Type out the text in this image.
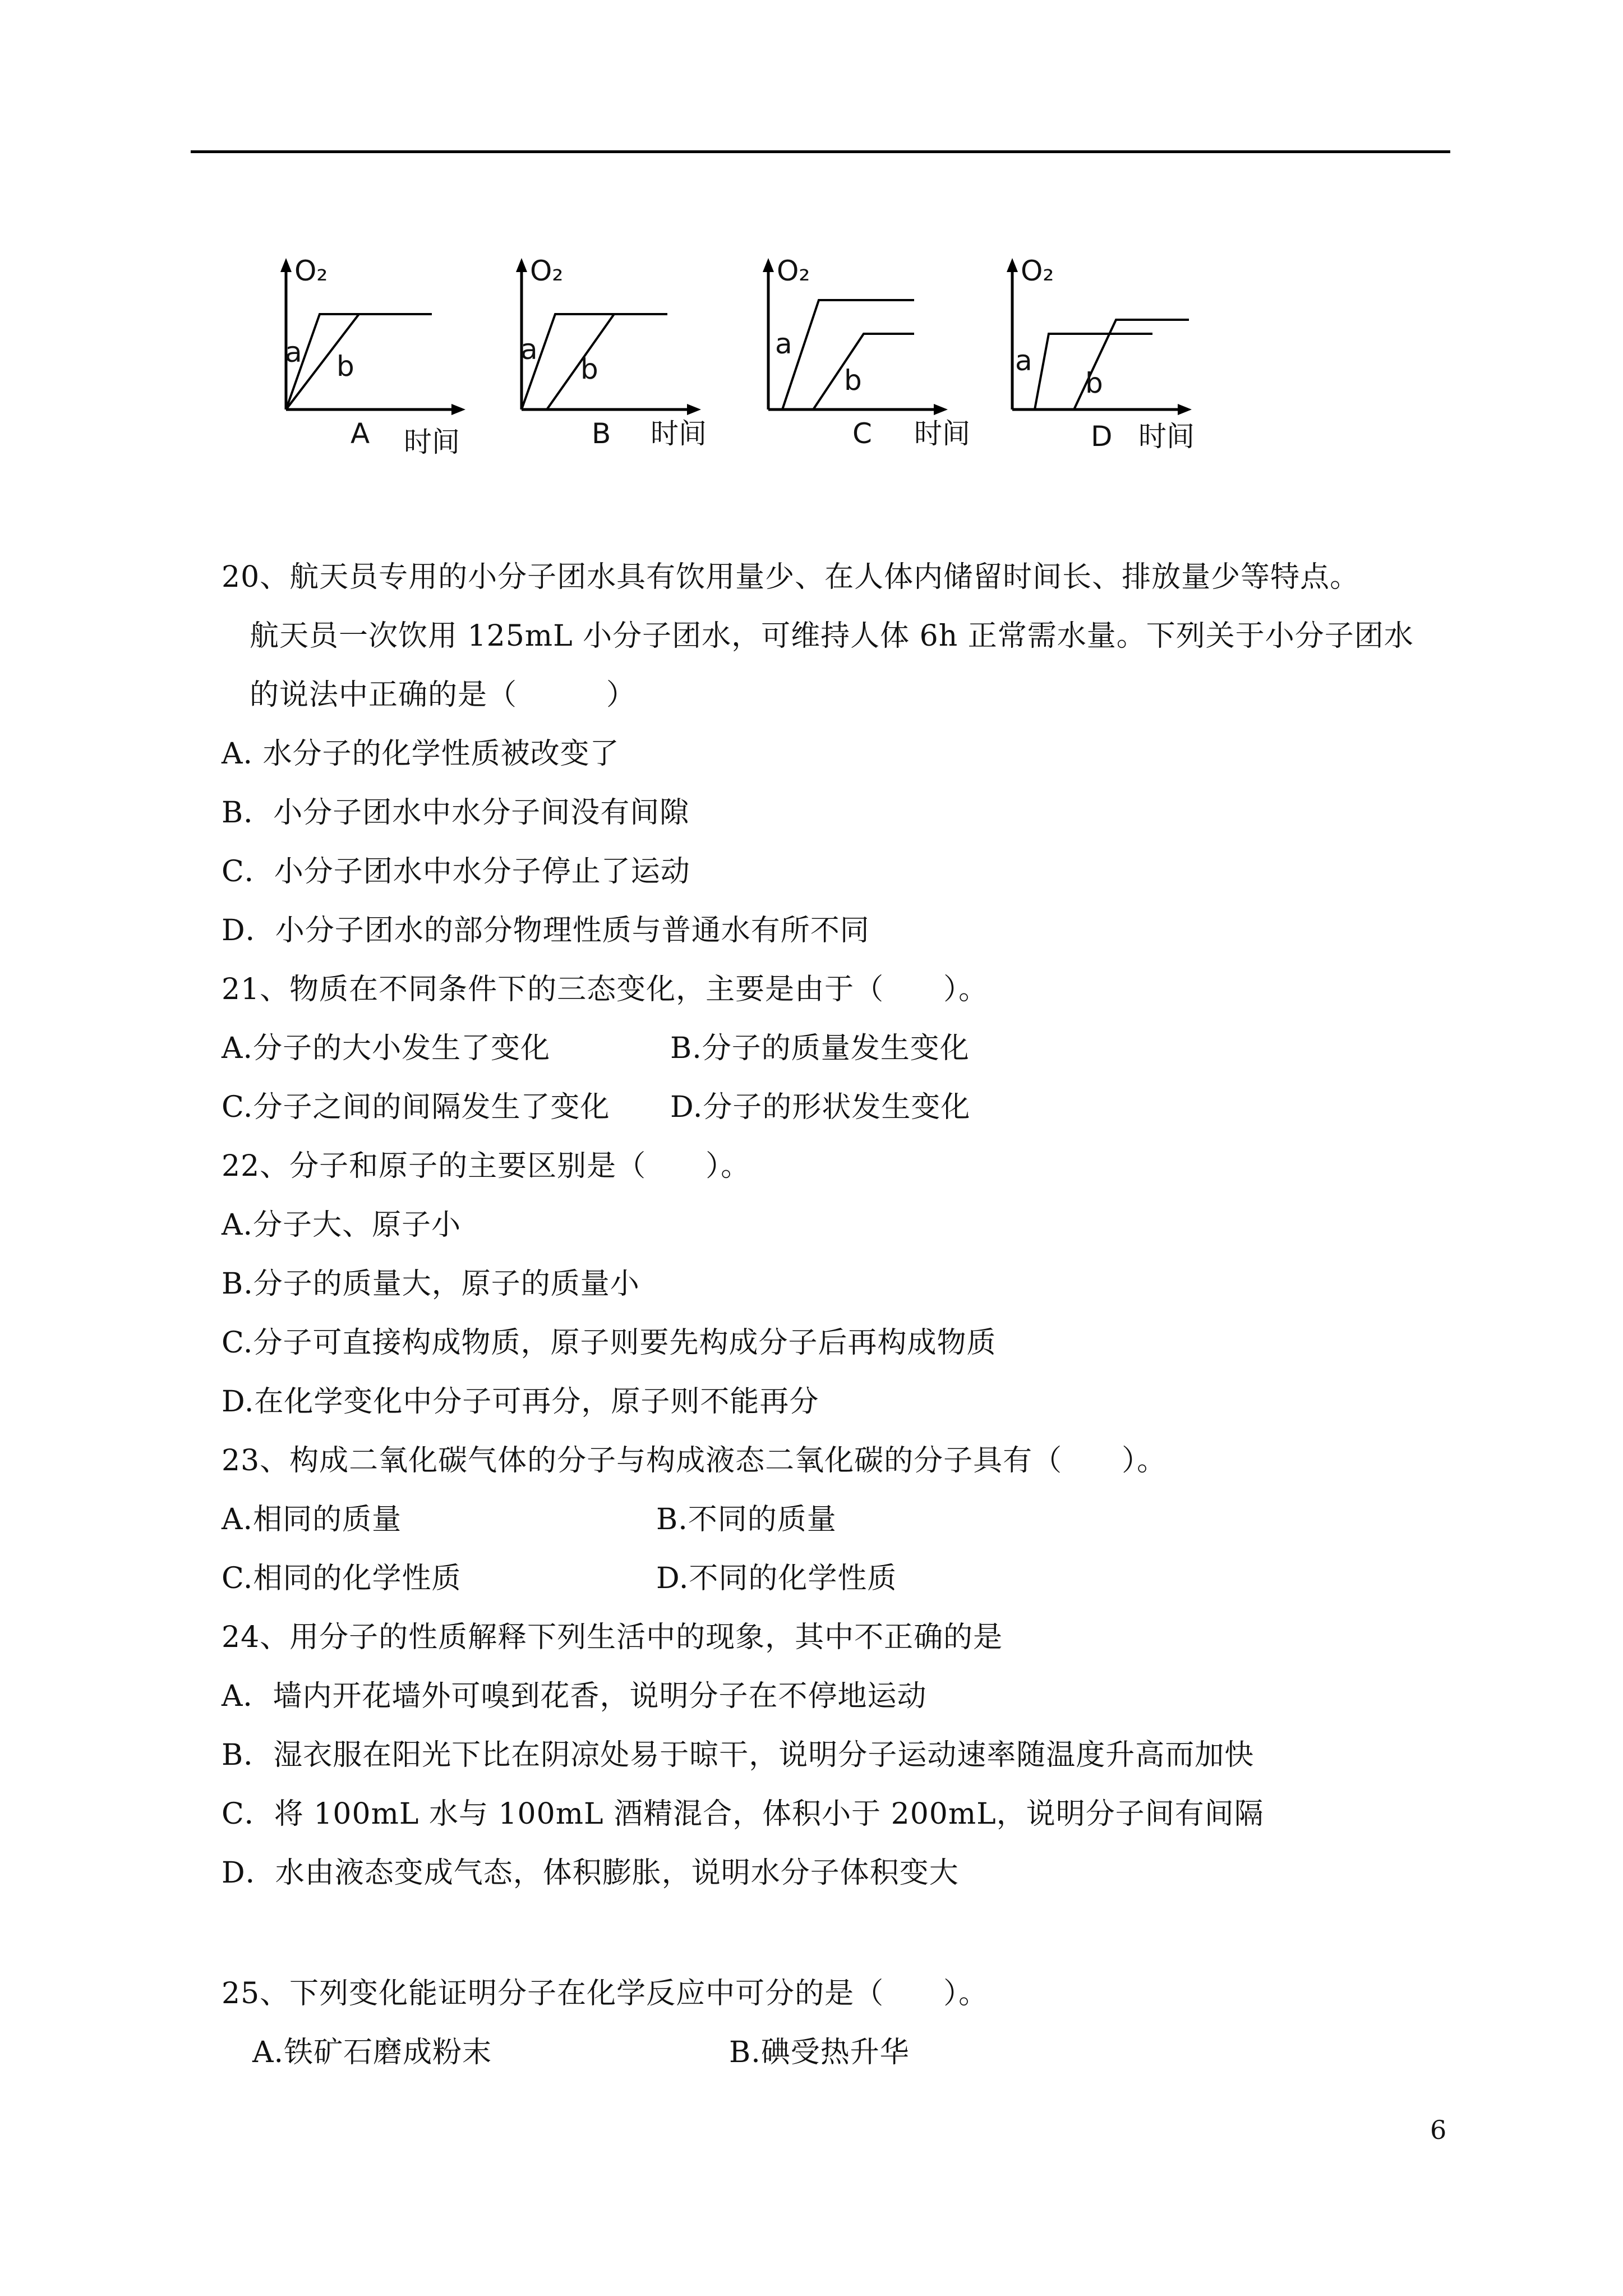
O₂
a b
A 时间
O₂
a
b
B 时间
O₂
a
b
C 时间
O₂
a
b
D 时间
20、航天员专用的小分子团水具有饮用量少、在人体内储留时间长、排放量少等特点。
航天员一次饮用 125mL 小分子团水，可维持人体 6h 正常需水量。下列关于小分子团水
的说法中正确的是（　　　）
A. 水分子的化学性质被改变了
B．小分子团水中水分子间没有间隙
C．小分子团水中水分子停止了运动
D．小分子团水的部分物理性质与普通水有所不同
21、物质在不同条件下的三态变化，主要是由于（　　）。
A.分子的大小发生了变化	B.分子的质量发生变化
C.分子之间的间隔发生了变化 D.分子的形状发生变化
22、分子和原子的主要区别是（　　）。
A.分子大、原子小
B.分子的质量大，原子的质量小
C.分子可直接构成物质，原子则要先构成分子后再构成物质
D.在化学变化中分子可再分，原子则不能再分
23、构成二氧化碳气体的分子与构成液态二氧化碳的分子具有（　　）。
A.相同的质量	B.不同的质量
C.相同的化学性质	D.不同的化学性质
24、用分子的性质解释下列生活中的现象，其中不正确的是
A．墙内开花墙外可嗅到花香，说明分子在不停地运动
B．湿衣服在阳光下比在阴凉处易于晾干，说明分子运动速率随温度升高而加快
C．将 100mL 水与 100mL 酒精混合，体积小于 200mL，说明分子间有间隔
D．水由液态变成气态，体积膨胀，说明水分子体积变大
25、下列变化能证明分子在化学反应中可分的是（　　）。
A.铁矿石磨成粉末	B.碘受热升华
6
